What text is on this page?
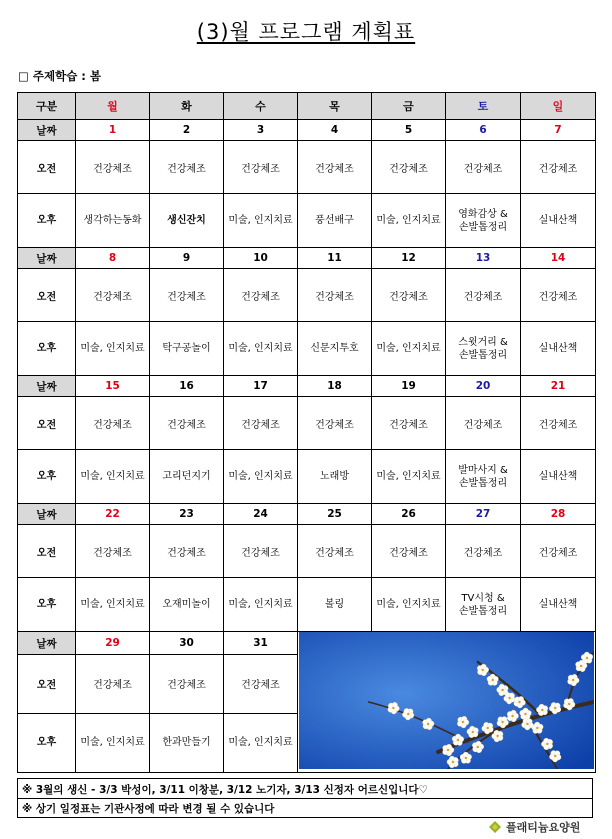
(3)월 프로그램 계획표
□ 주제학습 : 봄
구분	월	화	수	목	금	토	일
날짜	1	2	3	4	5	6	7
오전	건강체조	건강체조	건강체조	건강체조	건강체조	건강체조	건강체조
오후	생각하는동화	생신잔치	미술, 인지치료	풍선배구	미술, 인지치료	영화감상 &
손발톱정리	실내산책
날짜	8	9	10	11	12	13	14
오전	건강체조	건강체조	건강체조	건강체조	건강체조	건강체조	건강체조
오후	미술, 인지치료	탁구공놀이	미술, 인지치료	신문지투호	미술, 인지치료	스윗거리 &
손발톱정리	실내산책
날짜	15	16	17	18	19	20	21
오전	건강체조	건강체조	건강체조	건강체조	건강체조	건강체조	건강체조
오후	미술, 인지치료	고리던지기	미술, 인지치료	노래방	미술, 인지치료	발마사지 &
손발톱정리	실내산책
날짜	22	23	24	25	26	27	28
오전	건강체조	건강체조	건강체조	건강체조	건강체조	건강체조	건강체조
오후	미술, 인지치료	오재미놀이	미술, 인지치료	볼링	미술, 인지치료	TV시청 &
손발톱정리	실내산책
날짜	29	30	31	
오전	건강체조	건강체조	건강체조				
오후	미술, 인지치료	한과만들기	미술, 인지치료				
※ 3월의 생신 - 3/3 박성이, 3/11 이창분, 3/12 노기자, 3/13 신정자 어르신입니다♡
※ 상기 일정표는 기관사정에 따라 변경 될 수 있습니다
플래티늄요양원
